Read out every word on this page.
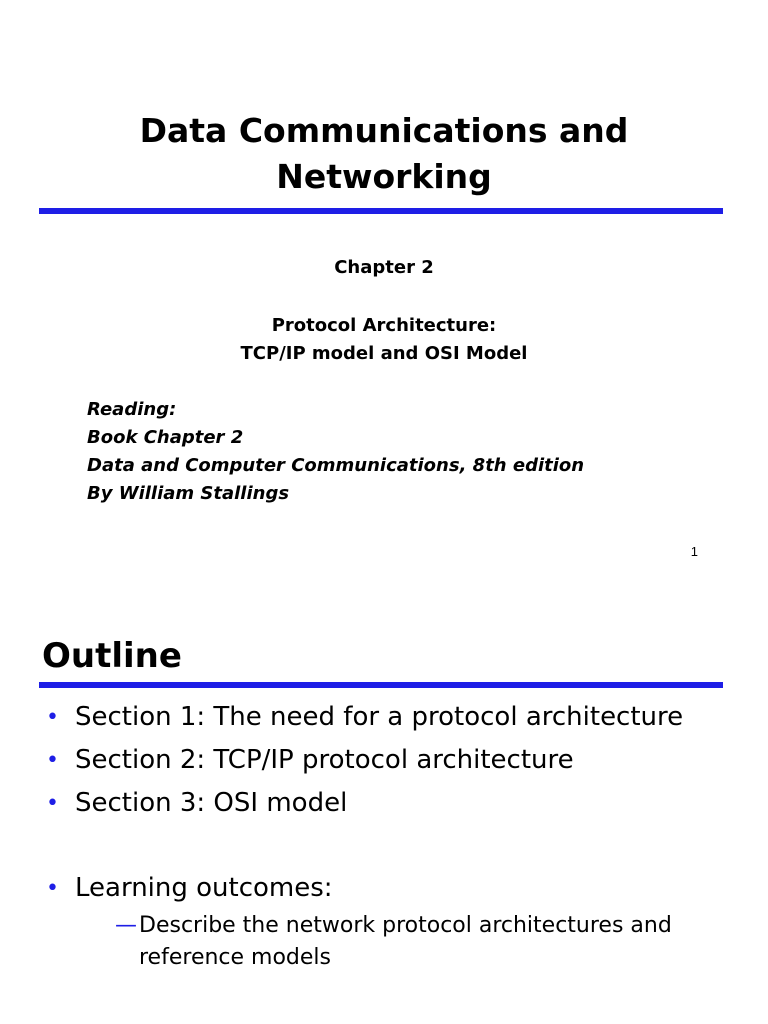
Data Communications and
Networking
Chapter 2
Protocol Architecture:
TCP/IP model and OSI Model
Reading:
Book Chapter 2
Data and Computer Communications, 8th edition
By William Stallings
1
Outline
• Section 1: The need for a protocol architecture
• Section 2: TCP/IP protocol architecture
• Section 3: OSI model
• Learning outcomes:
— Describe the network protocol architectures and reference models
